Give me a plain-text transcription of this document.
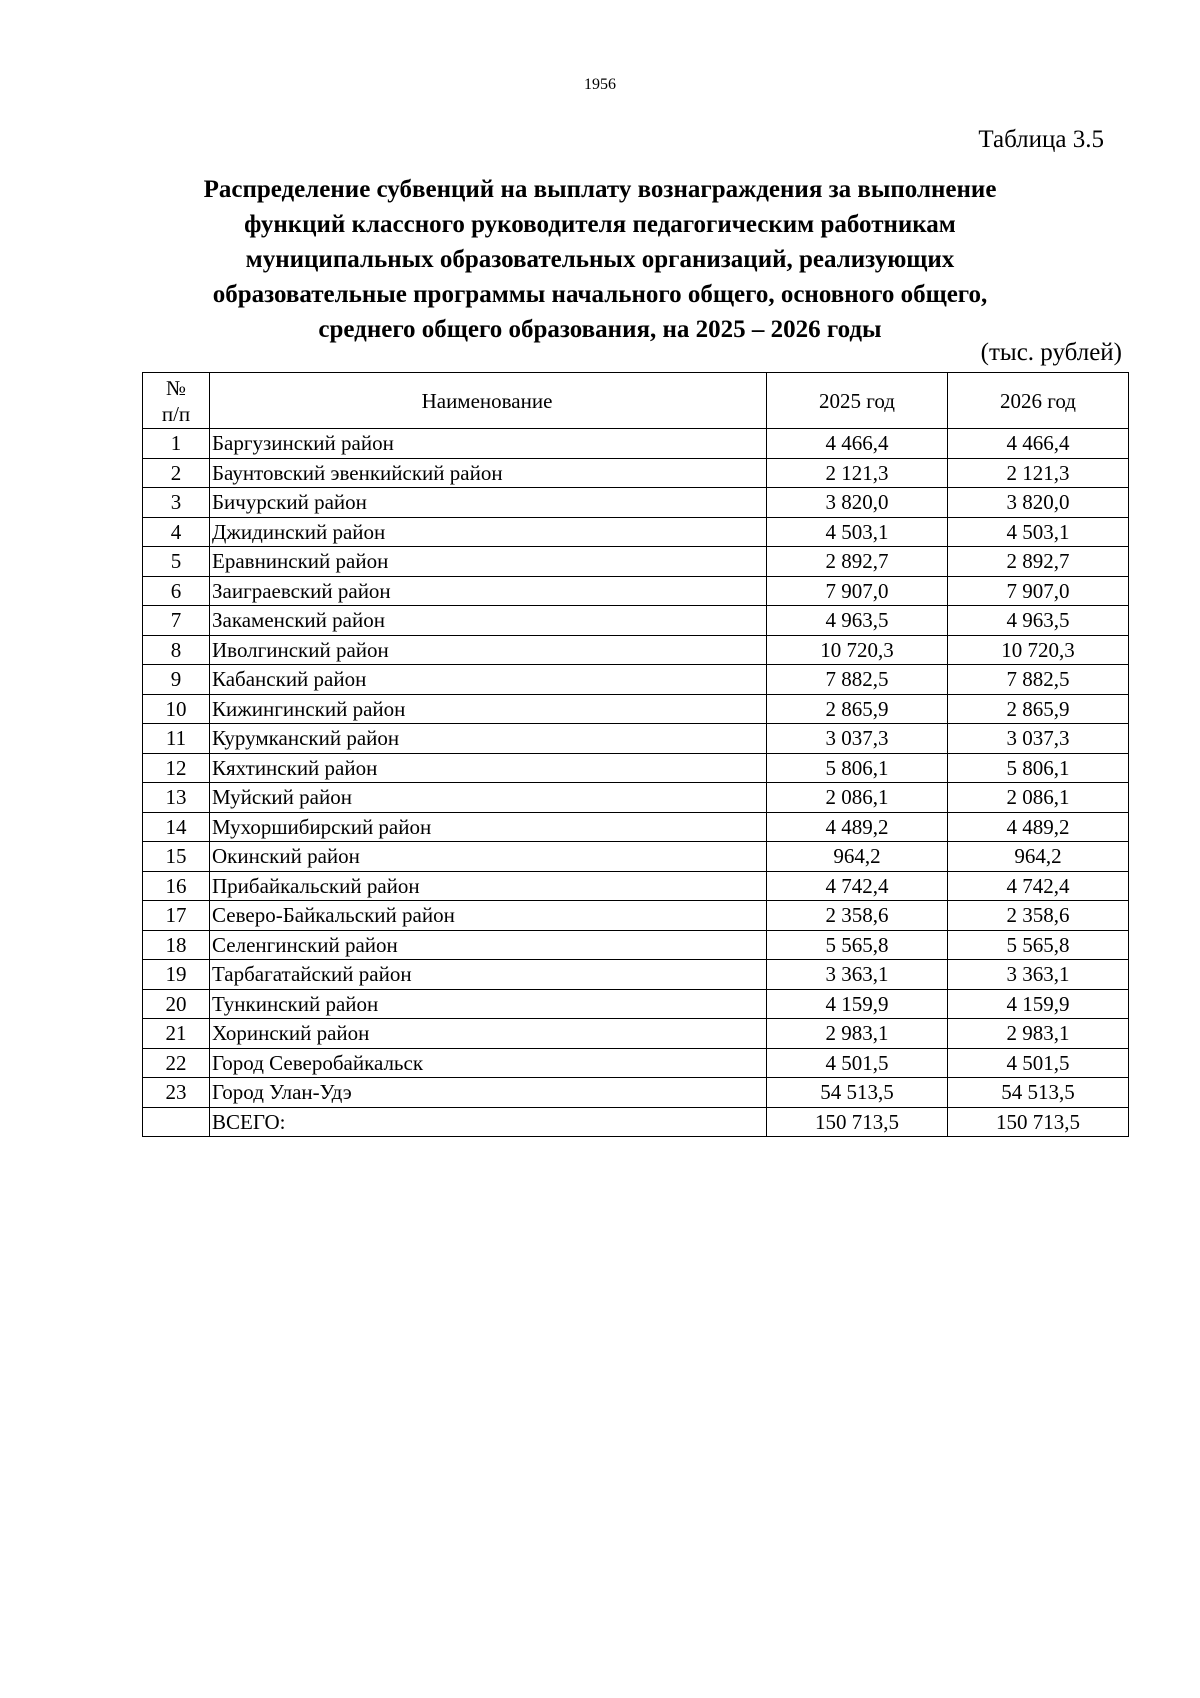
1956
Таблица 3.5
Распределение субвенций на выплату вознаграждения за выполнение
функций классного руководителя педагогическим работникам
муниципальных образовательных организаций, реализующих
образовательные программы начального общего, основного общего,
среднего общего образования, на 2025 – 2026 годы
(тыс. рублей)
№
п/п	Наименование	2025 год	2026 год
1	Баргузинский район	4 466,4	4 466,4
2	Баунтовский эвенкийский район	2 121,3	2 121,3
3	Бичурский район	3 820,0	3 820,0
4	Джидинский район	4 503,1	4 503,1
5	Еравнинский район	2 892,7	2 892,7
6	Заиграевский район	7 907,0	7 907,0
7	Закаменский район	4 963,5	4 963,5
8	Иволгинский район	10 720,3	10 720,3
9	Кабанский район	7 882,5	7 882,5
10	Кижингинский район	2 865,9	2 865,9
11	Курумканский район	3 037,3	3 037,3
12	Кяхтинский район	5 806,1	5 806,1
13	Муйский район	2 086,1	2 086,1
14	Мухоршибирский район	4 489,2	4 489,2
15	Окинский район	964,2	964,2
16	Прибайкальский район	4 742,4	4 742,4
17	Северо-Байкальский район	2 358,6	2 358,6
18	Селенгинский район	5 565,8	5 565,8
19	Тарбагатайский район	3 363,1	3 363,1
20	Тункинский район	4 159,9	4 159,9
21	Хоринский район	2 983,1	2 983,1
22	Город Северобайкальск	4 501,5	4 501,5
23	Город Улан-Удэ	54 513,5	54 513,5
	ВСЕГО:	150 713,5	150 713,5
